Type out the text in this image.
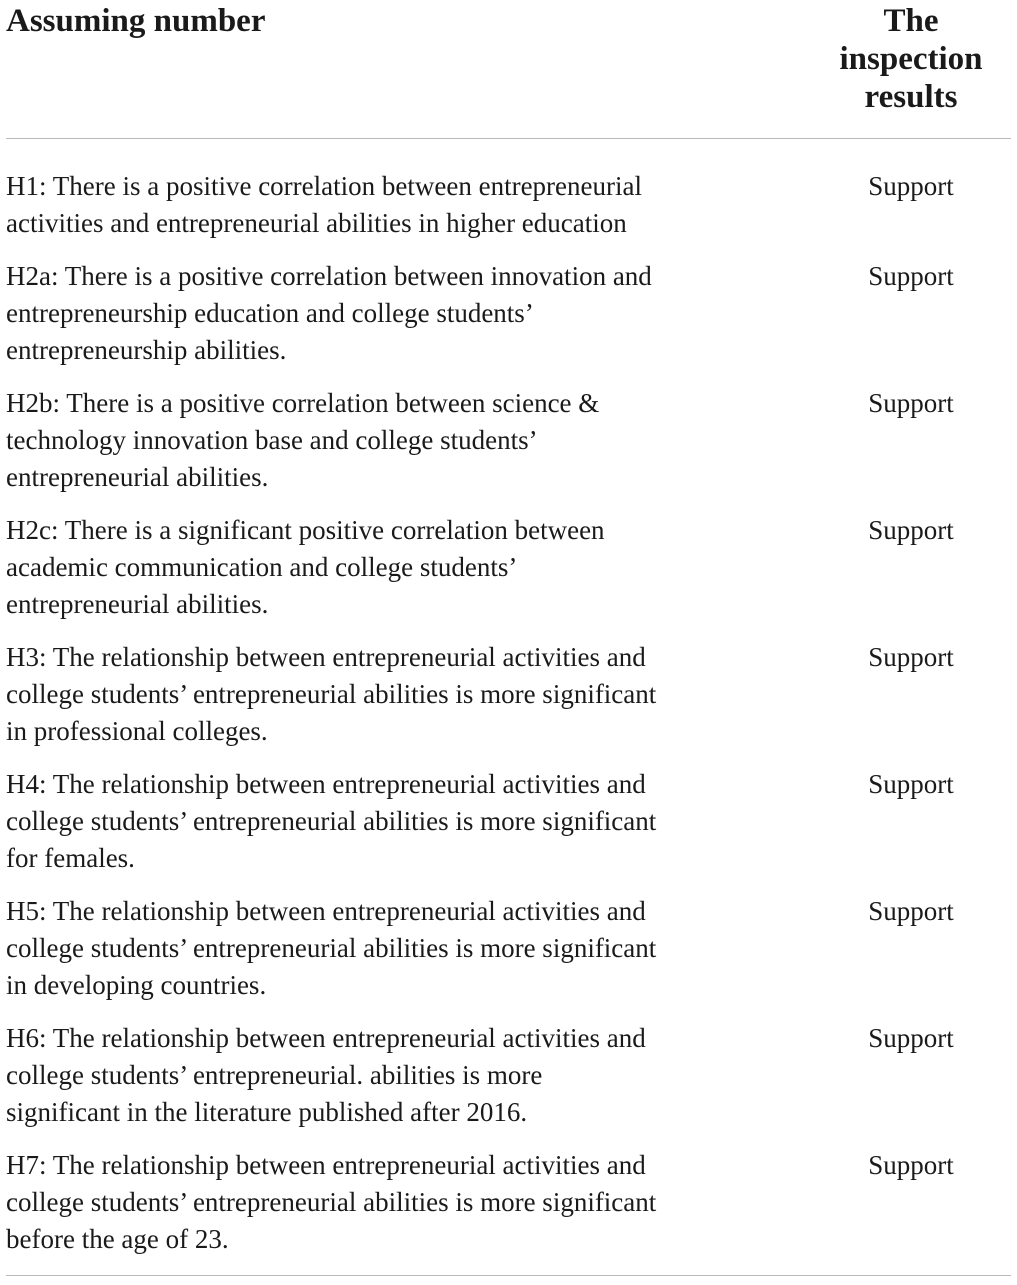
Assuming number	The
inspection
results
H1: There is a positive correlation between entrepreneurial
activities and entrepreneurial abilities in higher education
Support
H2a: There is a positive correlation between innovation and
entrepreneurship education and college students’
entrepreneurship abilities.
Support
H2b: There is a positive correlation between science &
technology innovation base and college students’
entrepreneurial abilities.
Support
H2c: There is a significant positive correlation between
academic communication and college students’
entrepreneurial abilities.
Support
H3: The relationship between entrepreneurial activities and
college students’ entrepreneurial abilities is more significant
in professional colleges.
Support
H4: The relationship between entrepreneurial activities and
college students’ entrepreneurial abilities is more significant
for females.
Support
H5: The relationship between entrepreneurial activities and
college students’ entrepreneurial abilities is more significant
in developing countries.
Support
H6: The relationship between entrepreneurial activities and
college students’ entrepreneurial. abilities is more
significant in the literature published after 2016.
Support
H7: The relationship between entrepreneurial activities and
college students’ entrepreneurial abilities is more significant
before the age of 23.
Support
